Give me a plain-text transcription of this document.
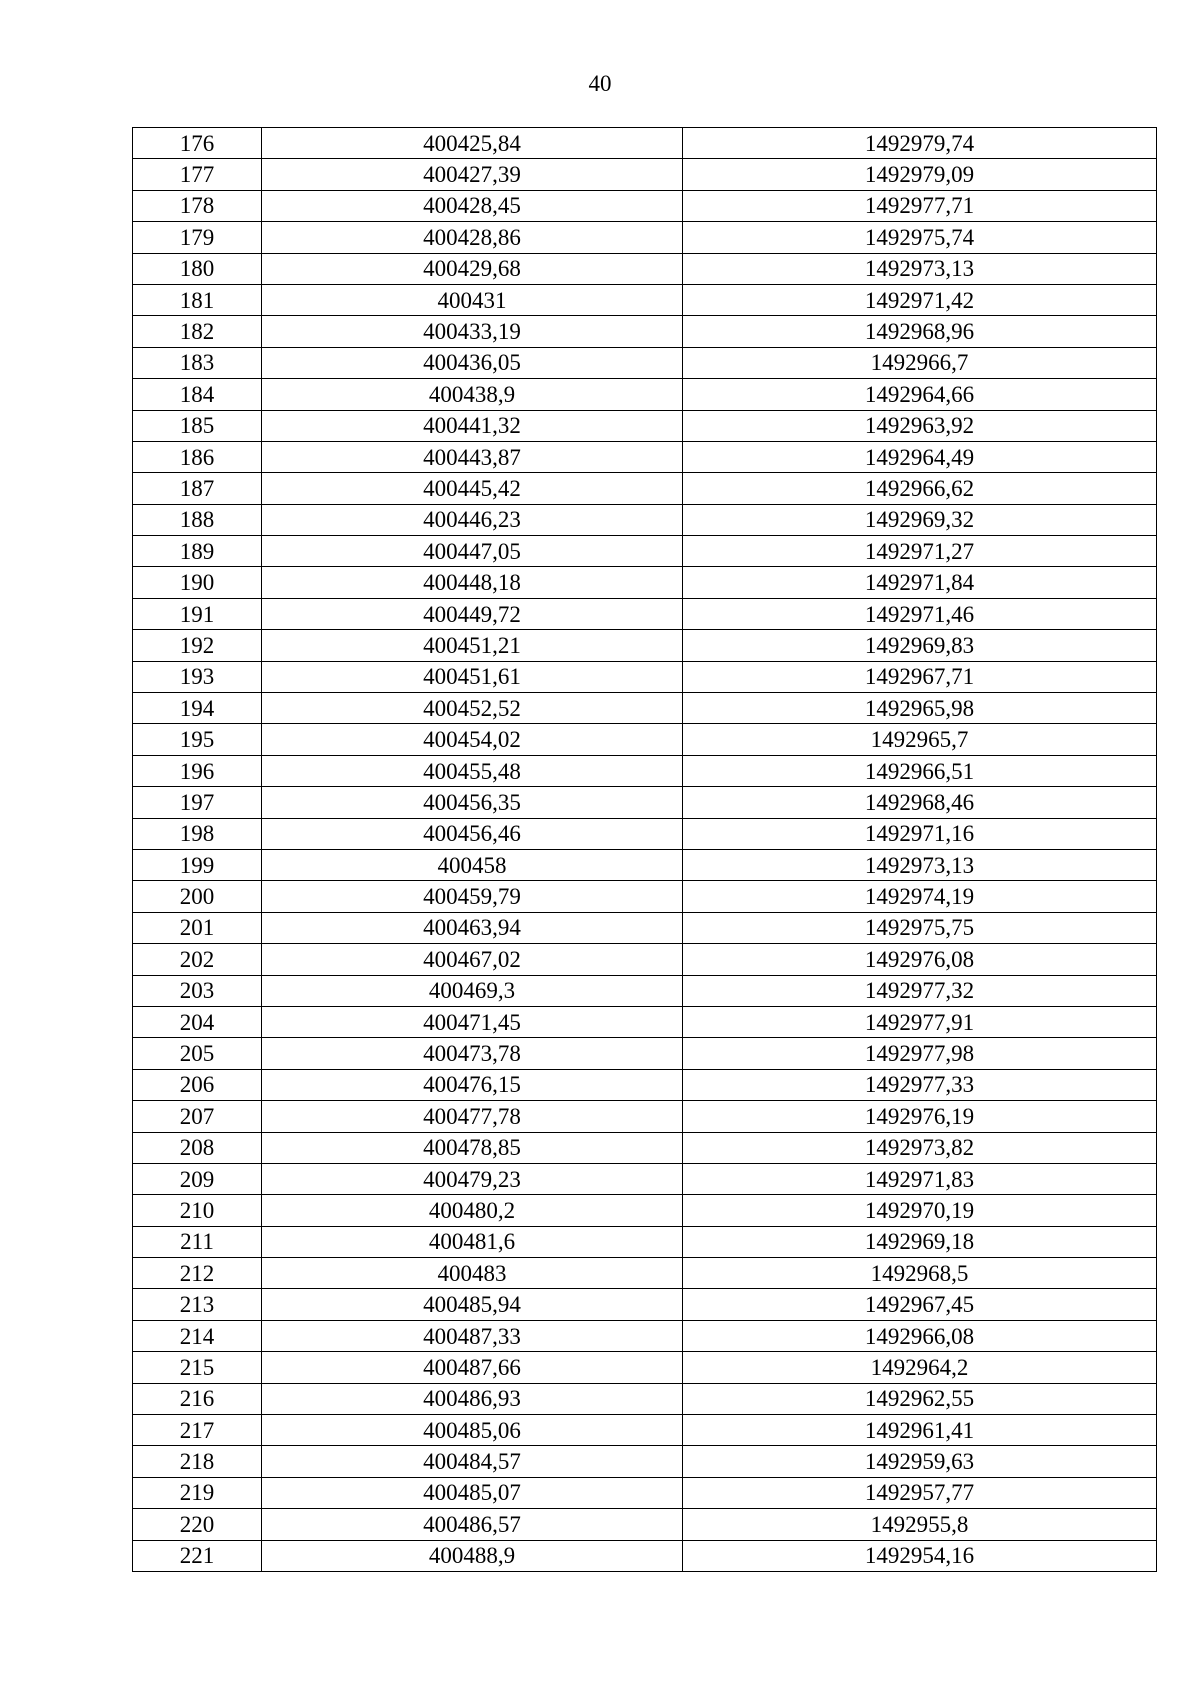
40
176	400425,84	1492979,74
177	400427,39	1492979,09
178	400428,45	1492977,71
179	400428,86	1492975,74
180	400429,68	1492973,13
181	400431	1492971,42
182	400433,19	1492968,96
183	400436,05	1492966,7
184	400438,9	1492964,66
185	400441,32	1492963,92
186	400443,87	1492964,49
187	400445,42	1492966,62
188	400446,23	1492969,32
189	400447,05	1492971,27
190	400448,18	1492971,84
191	400449,72	1492971,46
192	400451,21	1492969,83
193	400451,61	1492967,71
194	400452,52	1492965,98
195	400454,02	1492965,7
196	400455,48	1492966,51
197	400456,35	1492968,46
198	400456,46	1492971,16
199	400458	1492973,13
200	400459,79	1492974,19
201	400463,94	1492975,75
202	400467,02	1492976,08
203	400469,3	1492977,32
204	400471,45	1492977,91
205	400473,78	1492977,98
206	400476,15	1492977,33
207	400477,78	1492976,19
208	400478,85	1492973,82
209	400479,23	1492971,83
210	400480,2	1492970,19
211	400481,6	1492969,18
212	400483	1492968,5
213	400485,94	1492967,45
214	400487,33	1492966,08
215	400487,66	1492964,2
216	400486,93	1492962,55
217	400485,06	1492961,41
218	400484,57	1492959,63
219	400485,07	1492957,77
220	400486,57	1492955,8
221	400488,9	1492954,16
